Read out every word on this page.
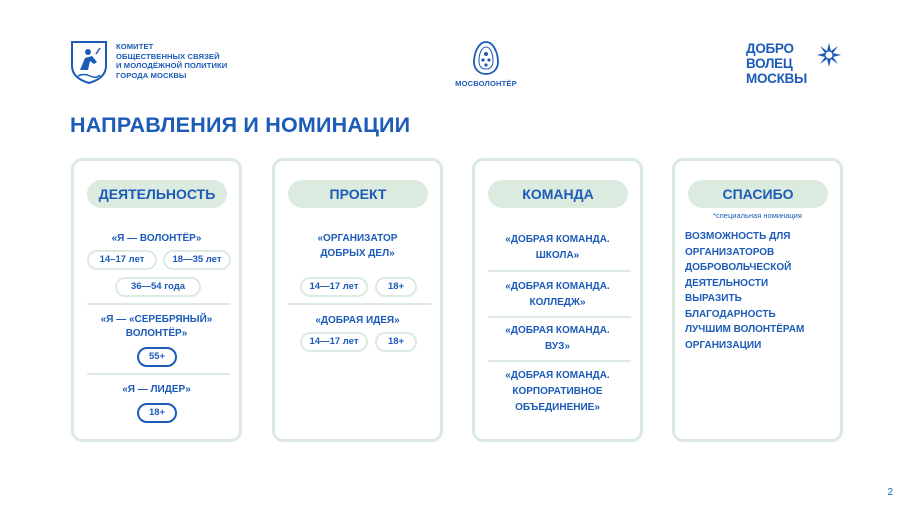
КОМИТЕТ
ОБЩЕСТВЕННЫХ СВЯЗЕЙ
И МОЛОДЁЖНОЙ ПОЛИТИКИ
ГОРОДА МОСКВЫ
МОСВОЛОНТЁР
ДОБРО
ВОЛЕЦ
МОСКВЫ
НАПРАВЛЕНИЯ И НОМИНАЦИИ
ДЕЯТЕЛЬНОСТЬ
«Я — ВОЛОНТЁР»
14–17 лет	18—35 лет
36—54 года
«Я — «СЕРЕБРЯНЫЙ»
ВОЛОНТЁР»
55+
«Я — ЛИДЕР»
18+
ПРОЕКТ
«ОРГАНИЗАТОР
ДОБРЫХ ДЕЛ»
14—17 лет	18+
«ДОБРАЯ ИДЕЯ»
14—17 лет	18+
КОМАНДА
«ДОБРАЯ КОМАНДА.
ШКОЛА»
«ДОБРАЯ КОМАНДА.
КОЛЛЕДЖ»
«ДОБРАЯ КОМАНДА.
ВУЗ»
«ДОБРАЯ КОМАНДА.
КОРПОРАТИВНОЕ
ОБЪЕДИНЕНИЕ»
СПАСИБО
*специальная номинация
ВОЗМОЖНОСТЬ ДЛЯ
ОРГАНИЗАТОРОВ
ДОБРОВОЛЬЧЕСКОЙ
ДЕЯТЕЛЬНОСТИ
ВЫРАЗИТЬ
БЛАГОДАРНОСТЬ
ЛУЧШИМ ВОЛОНТЁРАМ
ОРГАНИЗАЦИИ
2
